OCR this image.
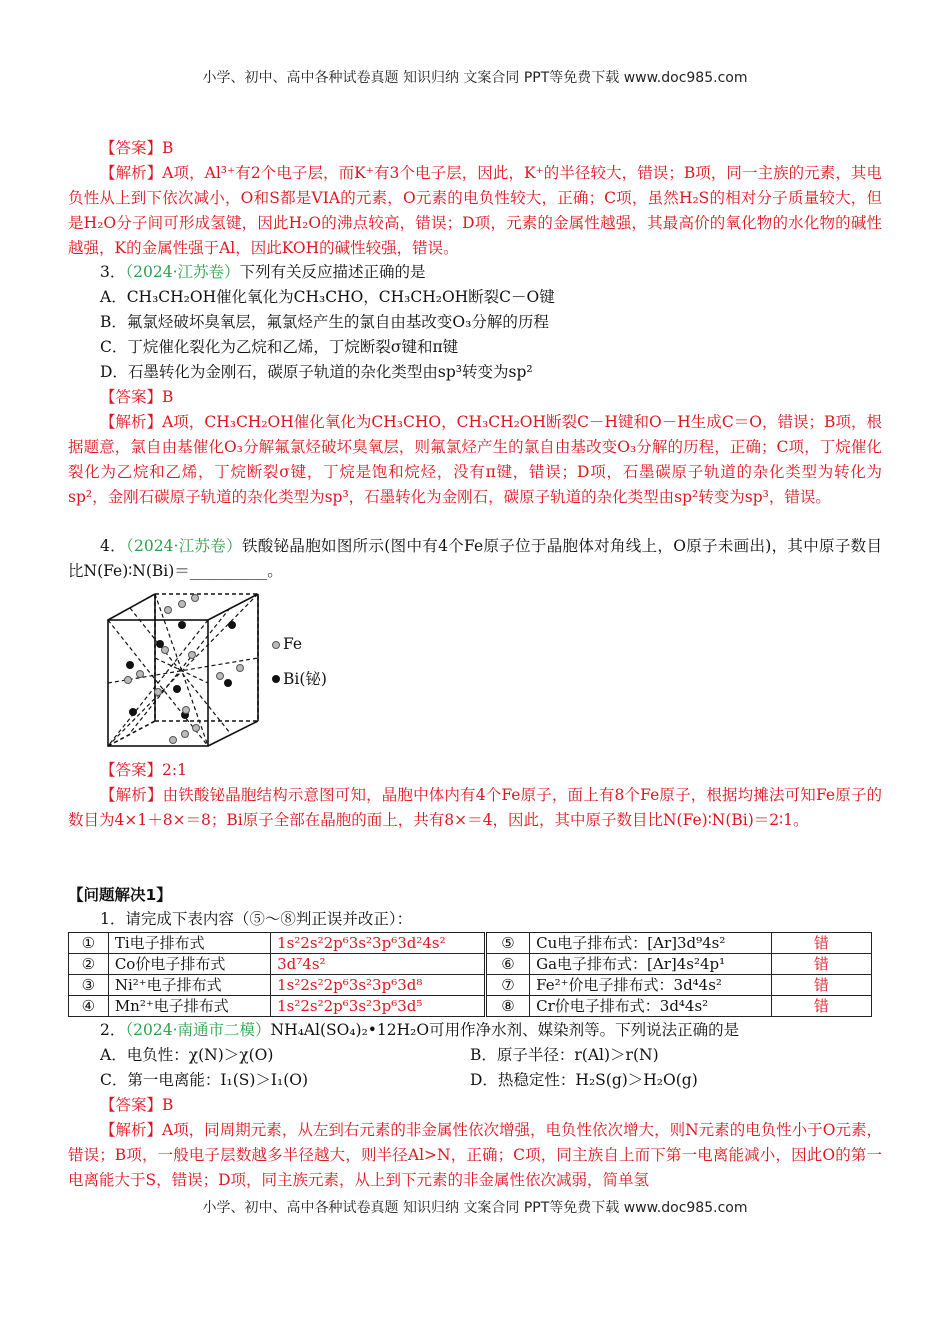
小学、初中、高中各种试卷真题 知识归纳 文案合同 PPT等免费下载 www.doc985.com
【答案】B
【解析】A项，Al³⁺有2个电子层，而K⁺有3个电子层，因此，K⁺的半径较大，错误；B项，同一主族的元素，其电负性从上到下依次减小，O和S都是VIA的元素，O元素的电负性较大，正确；C项，虽然H₂S的相对分子质量较大，但是H₂O分子间可形成氢键，因此H₂O的沸点较高，错误；D项，元素的金属性越强，其最高价的氧化物的水化物的碱性越强，K的金属性强于Al，因此KOH的碱性较强，错误。
3．（2024·江苏卷）下列有关反应描述正确的是
A．CH₃CH₂OH催化氧化为CH₃CHO，CH₃CH₂OH断裂C－O键
B．氟氯烃破坏臭氧层，氟氯烃产生的氯自由基改变O₃分解的历程
C．丁烷催化裂化为乙烷和乙烯，丁烷断裂σ键和π键
D．石墨转化为金刚石，碳原子轨道的杂化类型由sp³转变为sp²
【答案】B
【解析】A项，CH₃CH₂OH催化氧化为CH₃CHO，CH₃CH₂OH断裂C－H键和O－H生成C＝O，错误；B项，根据题意，氯自由基催化O₃分解氟氯烃破坏臭氧层，则氟氯烃产生的氯自由基改变O₃分解的历程，正确；C项，丁烷催化裂化为乙烷和乙烯，丁烷断裂σ键，丁烷是饱和烷烃，没有π键，错误；D项，石墨碳原子轨道的杂化类型为转化为sp²，金刚石碳原子轨道的杂化类型为sp³，石墨转化为金刚石，碳原子轨道的杂化类型由sp²转变为sp³，错误。
4．（2024·江苏卷）铁酸铋晶胞如图所示(图中有4个Fe原子位于晶胞体对角线上，O原子未画出)，其中原子数目比N(Fe)∶N(Bi)＝__________。
Fe
Bi(铋)
【答案】2:1
【解析】由铁酸铋晶胞结构示意图可知，晶胞中体内有4个Fe原子，面上有8个Fe原子，根据均摊法可知Fe原子的数目为4×1＋8×＝8；Bi原子全部在晶胞的面上，共有8×＝4，因此，其中原子数目比N(Fe)∶N(Bi)＝2∶1。
【问题解决1】
1．请完成下表内容（⑤～⑧判正误并改正）：
①	Ti电子排布式	1s²2s²2p⁶3s²3p⁶3d²4s²	⑤	Cu电子排布式：[Ar]3d⁹4s²	错
②	Co价电子排布式	3d⁷4s²	⑥	Ga电子排布式：[Ar]4s²4p¹	错
③	Ni²⁺电子排布式	1s²2s²2p⁶3s²3p⁶3d⁸	⑦	Fe²⁺价电子排布式：3d⁴4s²	错
④	Mn²⁺电子排布式	1s²2s²2p⁶3s²3p⁶3d⁵	⑧	Cr价电子排布式：3d⁴4s²	错
2．（2024·南通市二模）NH₄Al(SO₄)₂•12H₂O可用作净水剂、媒染剂等。下列说法正确的是
A．电负性：χ(N)＞χ(O)	B．原子半径：r(Al)＞r(N)
C．第一电离能：I₁(S)＞I₁(O)	D．热稳定性：H₂S(g)＞H₂O(g)
【答案】B
【解析】A项，同周期元素，从左到右元素的非金属性依次增强，电负性依次增大，则N元素的电负性小于O元素，错误；B项，一般电子层数越多半径越大，则半径Al>N，正确；C项，同主族自上而下第一电离能减小，因此O的第一电离能大于S，错误；D项，同主族元素，从上到下元素的非金属性依次减弱，简单氢
小学、初中、高中各种试卷真题 知识归纳 文案合同 PPT等免费下载 www.doc985.com
